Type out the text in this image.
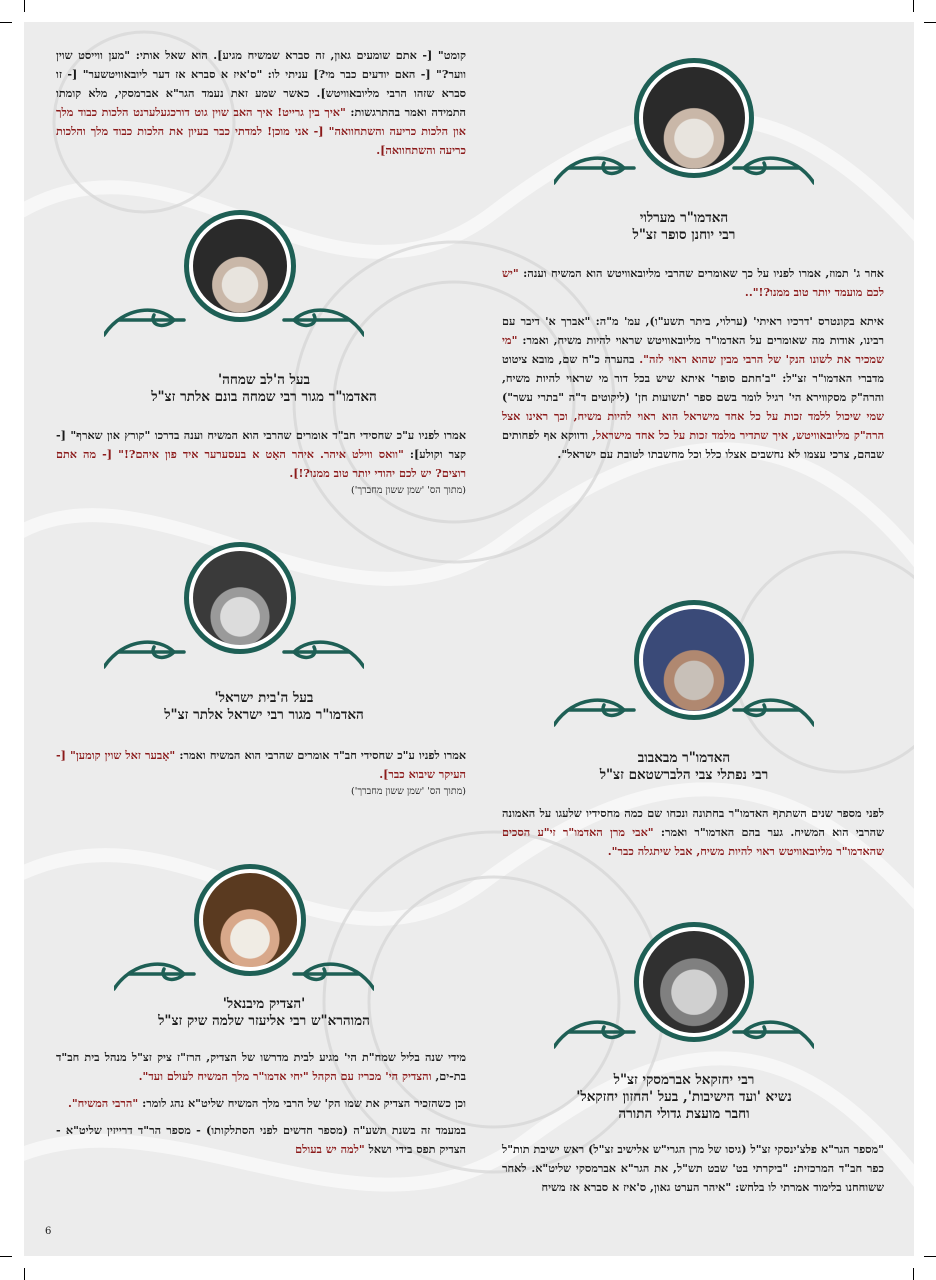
קומט" [- אתם שומעים גאון, זה סברא שמשיח מגיע]. הוא שאל אותי: "מען ווייסט שוין ווער?" [- האם יודעים כבר מי?] עניתי לו: "ס'איז א סברא אז דער ליובאוויטשער" [- זו סברא שזהו הרבי מליובאוויטש]. כאשר שמע זאת נעמד הגר"א אברמסקי, מלא קומתו התמידה ואמר בהתרגשות: "איך בין גרייט! איך האב שוין גוט דורכגעלערנט הלכות כבוד מלך און הלכות כריעה והשתחוואה" [- אני מוכן! למדתי כבר בעיון את הלכות כבוד מלך והלכות כריעה והשתחוואה].
בעל ה'לב שמחה'
האדמו"ר מגור רבי שמחה בונם אלתר זצ"ל
אמרו לפניו ע"כ שחסידי חב"ד אומרים שהרבי הוא המשיח וענה בדרכו "קורץ און שארף" [- קצר וקולע]: "וואס ווילט איהר. איהר האָט א בעסערער איד פון איהם?!" [- מה אתם רוצים? יש לכם יהודי יותר טוב ממנו?!].
(מתוך הס' 'שמן ששון מחברך')
בעל ה'בית ישראל'
האדמו"ר מגור רבי ישראל אלתר זצ"ל
אמרו לפניו ע"כ שחסידי חב"ד אומרים שהרבי הוא המשיח ואמר: "אָבער זאל שוין קומען" [- העיקר שיבוא כבר].
(מתוך הס' 'שמן ששון מחברך')
'הצדיק מיבנאל'
המוהרא"ש רבי אליעזר שלמה שיק זצ"ל
מידי שנה בליל שמח"ת הי' מגיע לבית מדרשו של הצדיק, הרז"ז ציק זצ"ל מנהל בית חב"ד בת-ים, והצדיק הי' מכריז עם הקהל "יחי אדמו"ר מלך המשיח לעולם ועד".
וכן כשהזכיר הצדיק את שמו הק' של הרבי מלך המשיח שליט"א נהג לומר: "הרבי המשיח".
במעמד זה בשנת תשע"ה (מספר חדשים לפני הסתלקותו) - מספר הר"ד דרייזין שליט"א - הצדיק תפס בידי ושאל "למה יש בעולם
האדמו"ר מערלוי
רבי יוחנן סופר זצ"ל
אחר ג' תמוז, אמרו לפניו על כך שאומרים שהרבי מליובאוויטש הוא המשיח וענה: "יש לכם מועמד יותר טוב ממנו?!"..
איתא בקונטרס 'דרכיו ראיתי' (ערלוי, ביתר תשע"ו), עמ' מ"ה: "אברך א' דיבר עם רבינו, אודות מה שאומרים על האדמו"ר מליובאוויטש שראוי להיות משיח, ואמר: "מי שמכיר את לשונו הנק' של הרבי מבין שהוא ראוי לזה". בהערה כ"ח שם, מובא ציטוט מדברי האדמו"ר זצ"ל: "ב'חתם סופר' איתא שיש בכל דור מי שראוי להיות משיח, והרה"ק מסקווירא הי' רגיל לומר בשם ספר 'תשועות חן' (ליקוטים ד"ה "בתרי עשר") שמי שיכול ללמד זכות על כל אחד מישראל הוא ראוי להיות משיח, וכך ראינו אצל הרה"ק מליובאוויטש, איך שתדיר מלמד זכות על כל אחד מישראל, ודווקא אף לפחותים שבהם, צרכי עצמו לא נחשבים אצלו כלל וכל מחשבתו לטובת עם ישראל".
האדמו"ר מבאבוב
רבי נפתלי צבי הלברשטאם זצ"ל
לפני מספר שנים השתתף האדמו"ר בחתונה ונכחו שם כמה מחסידיו שלעגו על האמונה שהרבי הוא המשיח. גער בהם האדמו"ר ואמר: "אבי מרן האדמו"ר זי"ע הסכים שהאדמו"ר מליובאוויטש ראוי להיות משיח, אבל שיתגלה כבר".
רבי יחזקאל אברמסקי זצ"ל
נשיא 'ועד הישיבות', בעל 'החזון יחזקאל'
וחבר מועצת גדולי התורה
"מספר הגר"א פלצ'ינסקי זצ"ל (גיסו של מרן הגרי"ש אלישיב זצ"ל) ראש ישיבת תות"ל כפר חב"ד המרכזית: "ביקרתי בט' שבט תש"ל, את הגר"א אברמסקי שליט"א. לאחר ששוחחנו בלימוד אמרתי לו בלחש: "איהר הערט גאון, ס'איז א סברא אז משיח
6
